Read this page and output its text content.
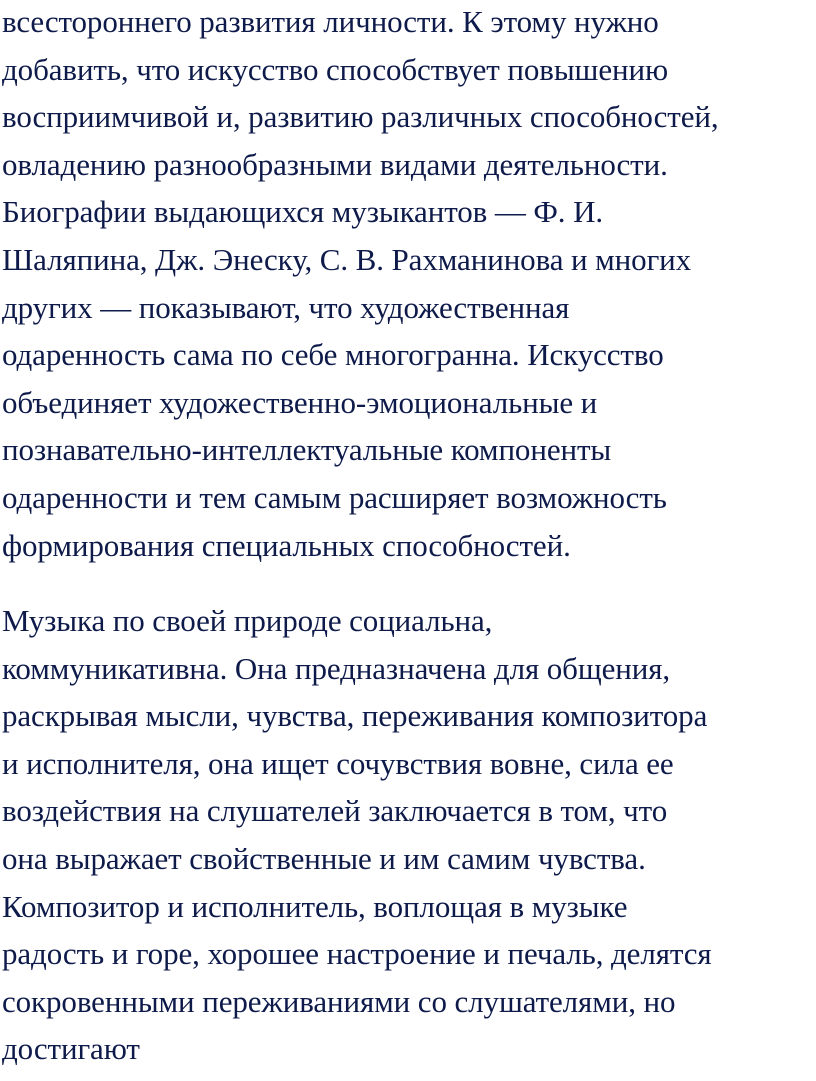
всестороннего развития личности. К этому нужно
добавить, что искусство способствует повышению
восприимчивой и, развитию различных способностей,
овладению разнообразными видами деятельности.
Биографии выдающихся музыкантов — Ф. И.
Шаляпина, Дж. Энеску, С. В. Рахманинова и многих
других — показывают, что художественная
одаренность сама по себе многогранна. Искусство
объединяет художественно-эмоциональные и
познавательно-интеллектуальные компоненты
одаренности и тем самым расширяет возможность
формирования специальных способностей.

Музыка по своей природе социальна,
коммуникативна. Она предназначена для общения,
раскрывая мысли, чувства, переживания композитора
и исполнителя, она ищет сочувствия вовне, сила ее
воздействия на слушателей заключается в том, что
она выражает свойственные и им самим чувства.
Композитор и исполнитель, воплощая в музыке
радость и горе, хорошее настроение и печаль, делятся
сокровенными переживаниями со слушателями, но
достигают
